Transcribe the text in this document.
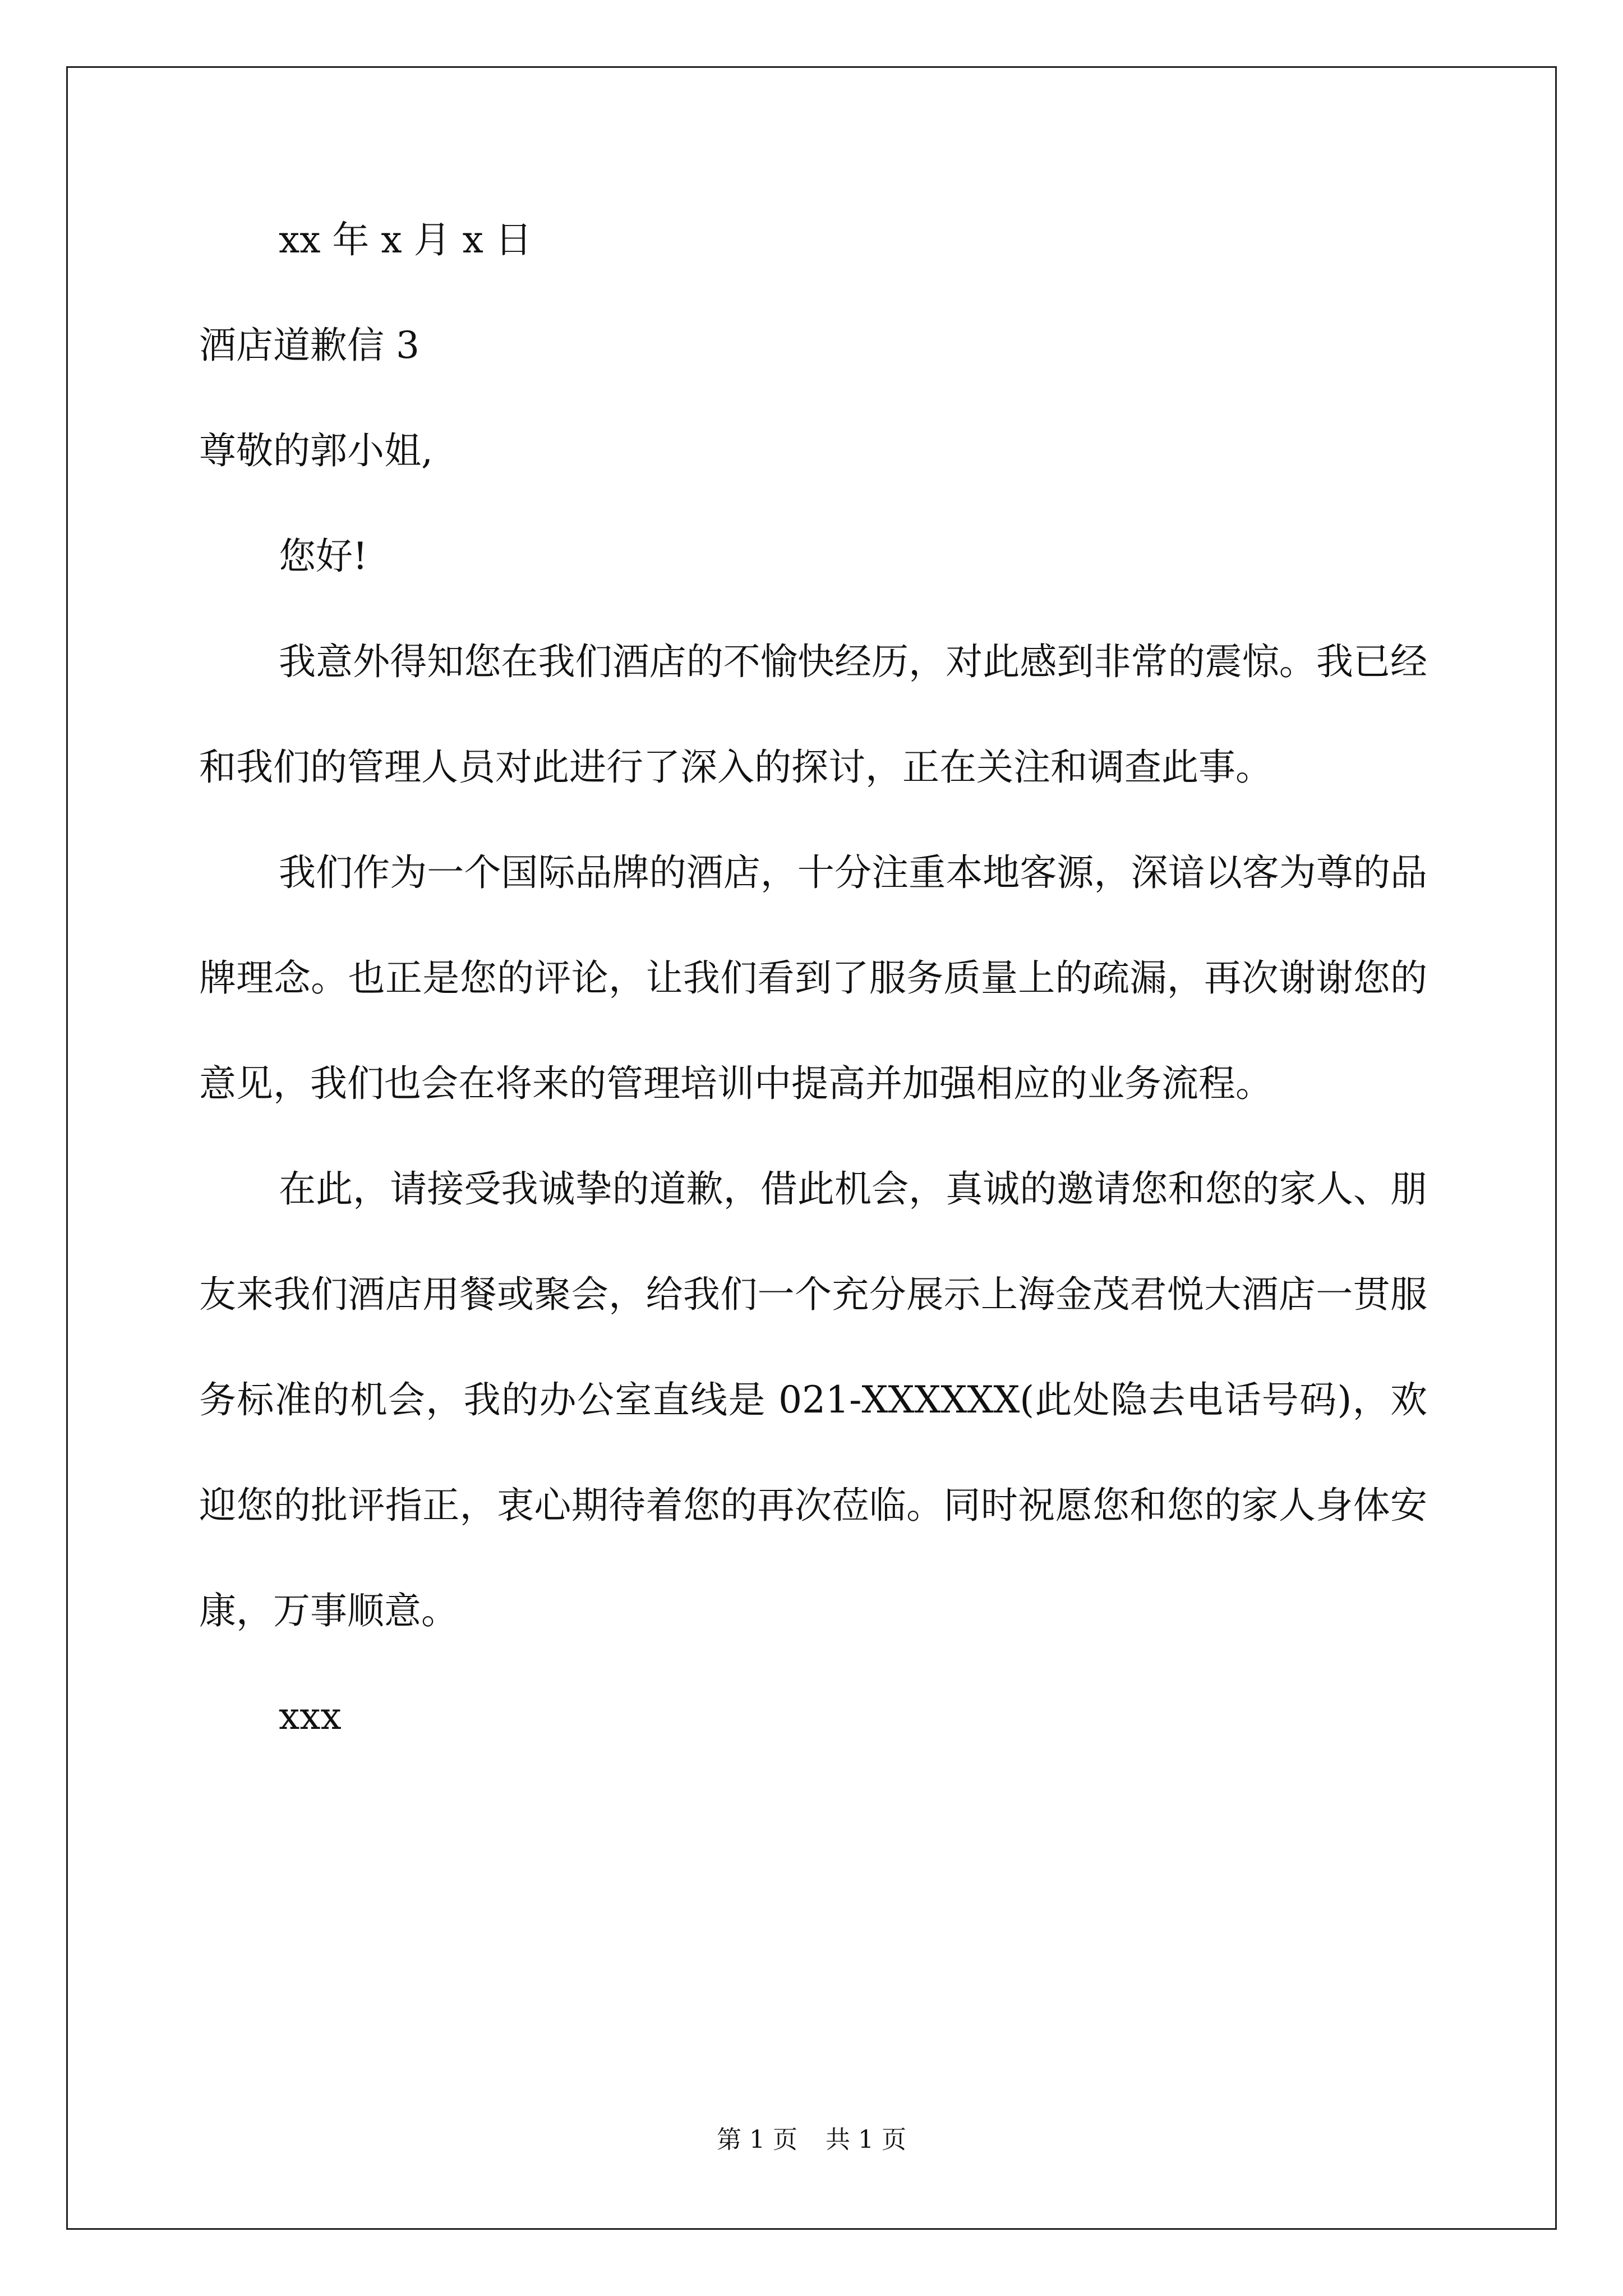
xx 年 x 月 x 日
酒店道歉信 3
尊敬的郭小姐,
您好!
我意外得知您在我们酒店的不愉快经历，对此感到非常的震惊。我已经和我们的管理人员对此进行了深入的探讨，正在关注和调查此事。
我们作为一个国际品牌的酒店，十分注重本地客源，深谙以客为尊的品牌理念。也正是您的评论，让我们看到了服务质量上的疏漏，再次谢谢您的意见，我们也会在将来的管理培训中提高并加强相应的业务流程。
在此，请接受我诚挚的道歉，借此机会，真诚的邀请您和您的家人、朋友来我们酒店用餐或聚会，给我们一个充分展示上海金茂君悦大酒店一贯服务标准的机会，我的办公室直线是 021-XXXXXX(此处隐去电话号码)，欢迎您的批评指正，衷心期待着您的再次莅临。同时祝愿您和您的家人身体安康，万事顺意。
xxx
第 1 页 共 1 页
